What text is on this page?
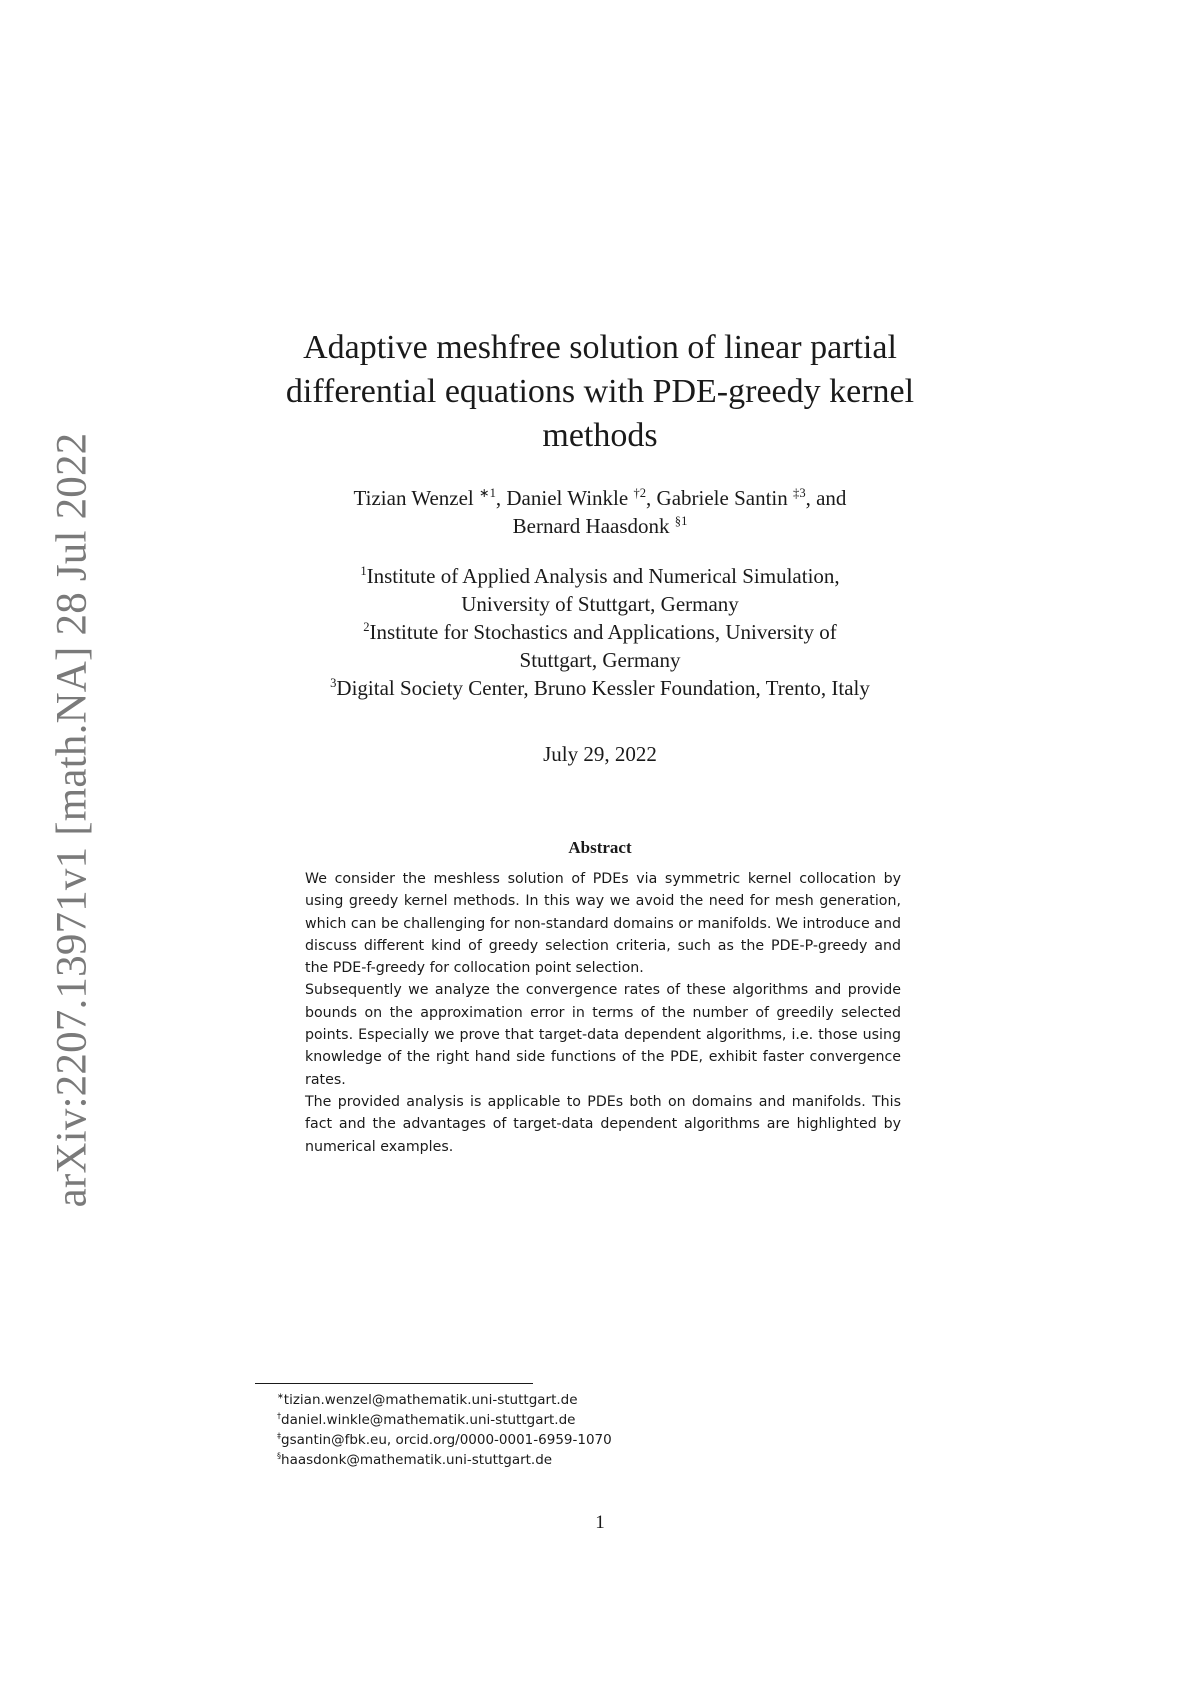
arXiv:2207.13971v1 [math.NA] 28 Jul 2022
Adaptive meshfree solution of linear partial
differential equations with PDE-greedy kernel
methods
Tizian Wenzel $^{∗1}$, Daniel Winkle $^{\dagger 2}$, Gabriele Santin $^{\ddagger 3}$, and
Bernard Haasdonk $^{\S 1}$
$^1$Institute of Applied Analysis and Numerical Simulation,
University of Stuttgart, Germany
$^2$Institute for Stochastics and Applications, University of
Stuttgart, Germany
$^3$Digital Society Center, Bruno Kessler Foundation, Trento, Italy
July 29, 2022
Abstract

We consider the meshless solution of PDEs via symmetric kernel collocation by using greedy kernel methods. In this way we avoid the need for mesh generation, which can be challenging for non-standard domains or manifolds. We introduce and discuss different kind of greedy selection criteria, such as the PDE-P-greedy and the PDE-f-greedy for collocation point selection.

Subsequently we analyze the convergence rates of these algorithms and provide bounds on the approximation error in terms of the number of greedily selected points. Especially we prove that target-data dependent algorithms, i.e. those using knowledge of the right hand side functions of the PDE, exhibit faster convergence rates.

The provided analysis is applicable to PDEs both on domains and manifolds. This fact and the advantages of target-data dependent algorithms are highlighted by numerical examples.

∗tizian.wenzel@mathematik.uni-stuttgart.de
†daniel.winkle@mathematik.uni-stuttgart.de
‡gsantin@fbk.eu, orcid.org/0000-0001-6959-1070
§haasdonk@mathematik.uni-stuttgart.de
1
